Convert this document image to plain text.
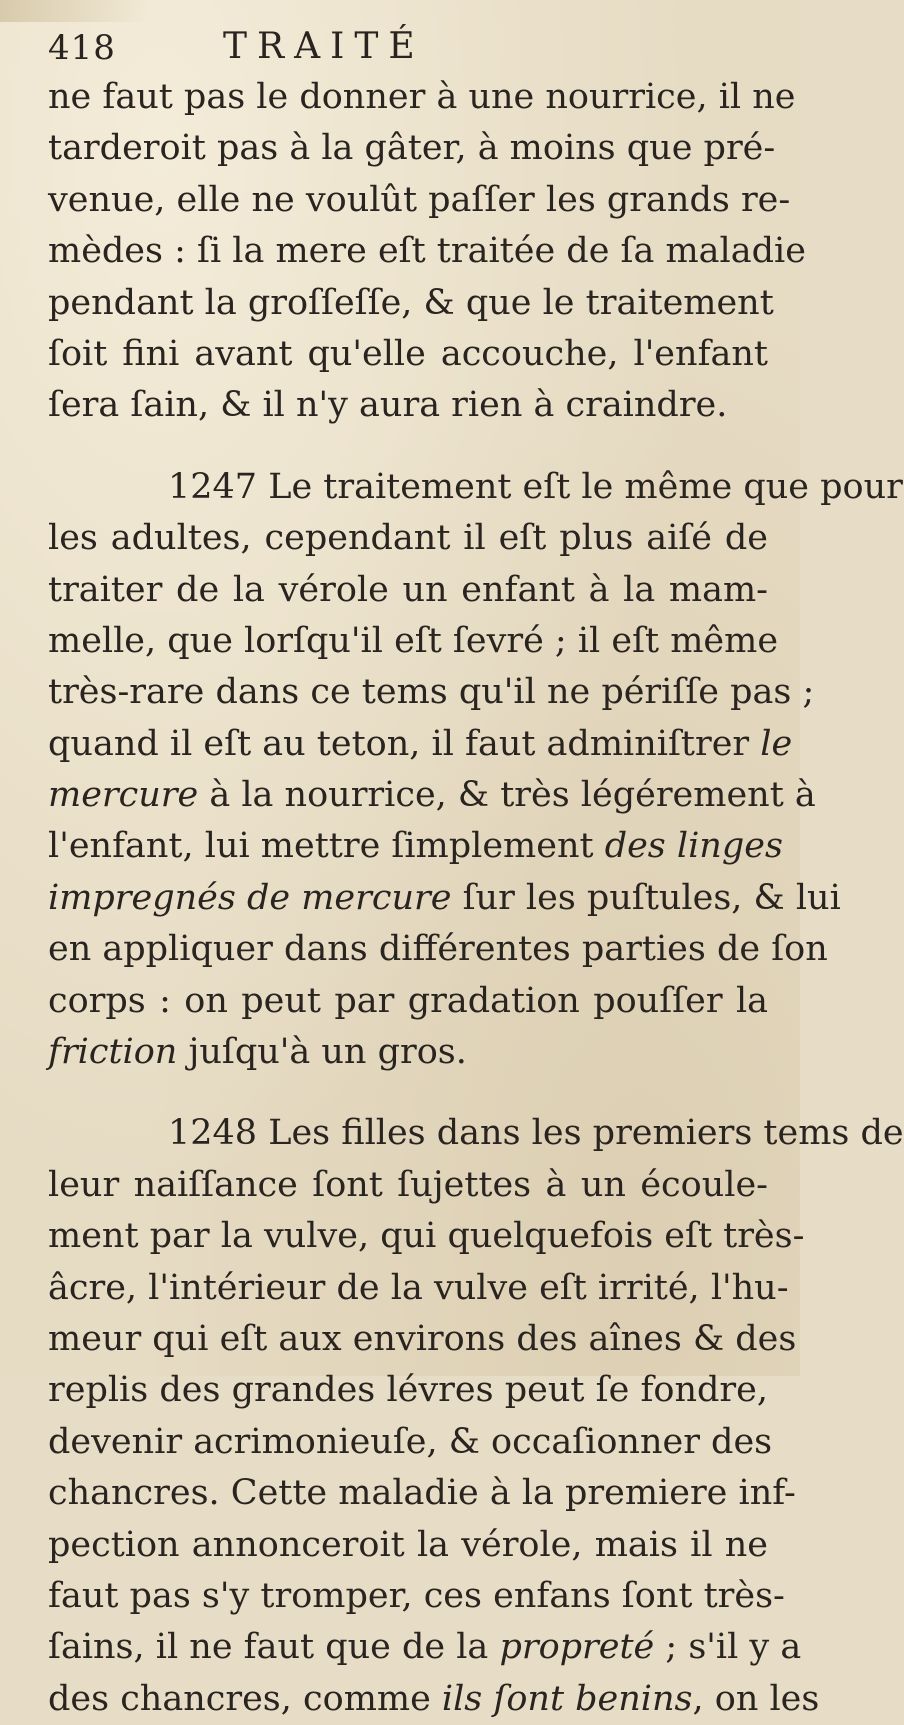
418	TRAITÉ
ne faut pas le donner à une nourrice, il ne
tarderoit pas à la gâter, à moins que pré-
venue, elle ne voulût paſſer les grands re-
mèdes : ſi la mere eſt traitée de ſa maladie
pendant la groſſeſſe, & que le traitement
ſoit fini avant qu'elle accouche, l'enfant
ſera ſain, & il n'y aura rien à craindre.
1247 Le traitement eſt le même que pour
les adultes, cependant il eſt plus aiſé de
traiter de la vérole un enfant à la mam-
melle, que lorſqu'il eſt ſevré ; il eſt même
très-rare dans ce tems qu'il ne périſſe pas ;
quand il eſt au teton, il faut adminiſtrer le
mercure à la nourrice, & très légérement à
l'enfant, lui mettre ſimplement des linges
impregnés de mercure ſur les puſtules, & lui
en appliquer dans différentes parties de ſon
corps : on peut par gradation pouſſer la
friction juſqu'à un gros.
1248 Les filles dans les premiers tems de
leur naiſſance ſont ſujettes à un écoule-
ment par la vulve, qui quelquefois eſt très-
âcre, l'intérieur de la vulve eſt irrité, l'hu-
meur qui eſt aux environs des aînes & des
replis des grandes lévres peut ſe fondre,
devenir acrimonieuſe, & occaſionner des
chancres. Cette maladie à la premiere inf-
pection annonceroit la vérole, mais il ne
faut pas s'y tromper, ces enfans ſont très-
ſains, il ne faut que de la propreté ; s'il y a
des chancres, comme ils ſont benins, on les
